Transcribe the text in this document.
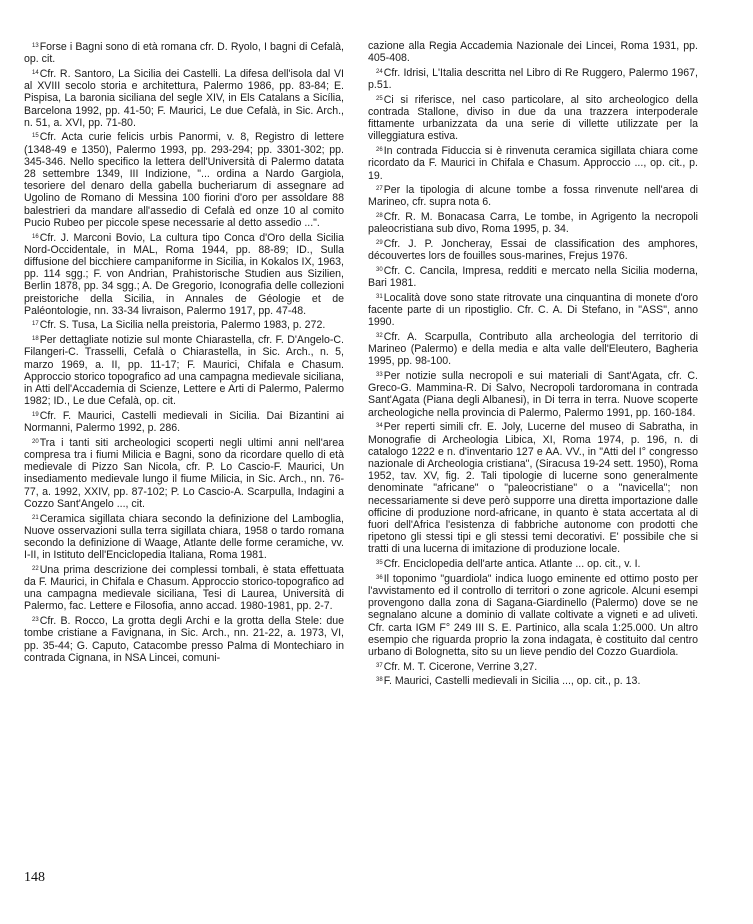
$^{13}$Forse i Bagni sono di età romana cfr. D. Ryolo, I bagni di Cefalà, op. cit.

$^{14}$Cfr. R. Santoro, La Sicilia dei Castelli. La difesa dell'isola dal VI al XVIII secolo storia e architettura, Palermo 1986, pp. 83-84; E. Pispisa, La baronia siciliana del segle XIV, in Els Catalans a Sicília, Barcelona 1992, pp. 41-50; F. Maurici, Le due Cefalà, in Sic. Arch., n. 51, a. XVI, pp. 71-80.

$^{15}$Cfr. Acta curie felicis urbis Panormi, v. 8, Registro di lettere (1348-49 e 1350), Palermo 1993, pp. 293-294; pp. 3301-302; pp. 345-346. Nello specifico la lettera dell'Università di Palermo datata 28 settembre 1349, III Indizione, "... ordina a Nardo Gargiola, tesoriere del denaro della gabella bucheriarum di assegnare ad Ugolino de Romano di Messina 100 fiorini d'oro per assoldare 88 balestrieri da mandare all'assedio di Cefalà ed onze 10 al comito Pucio Rubeo per piccole spese necessarie al detto assedio ...".

$^{16}$Cfr. J. Marconi Bovio, La cultura tipo Conca d'Oro della Sicilia Nord-Occidentale, in MAL, Roma 1944, pp. 88-89; ID., Sulla diffusione del bicchiere campaniforme in Sicilia, in Kokalos IX, 1963, pp. 114 sgg.; F. von Andrian, Prahistorische Studien aus Sizilien, Berlin 1878, pp. 34 sgg.; A. De Gregorio, Iconografia delle collezioni preistoriche della Sicilia, in Annales de Géologie et de Paléontologie, nn. 33-34 livraison, Palermo 1917, pp. 47-48.

$^{17}$Cfr. S. Tusa, La Sicilia nella preistoria, Palermo 1983, p. 272.

$^{18}$Per dettagliate notizie sul monte Chiarastella, cfr. F. D'Angelo-C. Filangeri-C. Trasselli, Cefalà o Chiarastella, in Sic. Arch., n. 5, marzo 1969, a. II, pp. 11-17; F. Maurici, Chifala e Chasum. Approccio storico topografico ad una campagna medievale siciliana, in Atti dell'Accademia di Scienze, Lettere e Arti di Palermo, Palermo 1982; ID., Le due Cefalà, op. cit.

$^{19}$Cfr. F. Maurici, Castelli medievali in Sicilia. Dai Bizantini ai Normanni, Palermo 1992, p. 286.

$^{20}$Tra i tanti siti archeologici scoperti negli ultimi anni nell'area compresa tra i fiumi Milicia e Bagni, sono da ricordare quello di età medievale di Pizzo San Nicola, cfr. P. Lo Cascio-F. Maurici, Un insediamento medievale lungo il fiume Milicia, in Sic. Arch., nn. 76-77, a. 1992, XXIV, pp. 87-102; P. Lo Cascio-A. Scarpulla, Indagini a Cozzo Sant'Angelo ..., cit.

$^{21}$Ceramica sigillata chiara secondo la definizione del Lamboglia, Nuove osservazioni sulla terra sigillata chiara, 1958 o tardo romana secondo la definizione di Waage, Atlante delle forme ceramiche, vv. I-II, in Istituto dell'Enciclopedia Italiana, Roma 1981.

$^{22}$Una prima descrizione dei complessi tombali, è stata effettuata da F. Maurici, in Chifala e Chasum. Approccio storico-topografico ad una campagna medievale siciliana, Tesi di Laurea, Università di Palermo, fac. Lettere e Filosofia, anno accad. 1980-1981, pp. 2-7.

$^{23}$Cfr. B. Rocco, La grotta degli Archi e la grotta della Stele: due tombe cristiane a Favignana, in Sic. Arch., nn. 21-22, a. 1973, VI, pp. 35-44; G. Caputo, Catacombe presso Palma di Montechiaro in contrada Cignana, in NSA Lincei, comuni-

cazione alla Regia Accademia Nazionale dei Lincei, Roma 1931, pp. 405-408.

$^{24}$Cfr. Idrisi, L'Italia descritta nel Libro di Re Ruggero, Palermo 1967, p.51.

$^{25}$Ci si riferisce, nel caso particolare, al sito archeologico della contrada Stallone, diviso in due da una trazzera interpoderale fittamente urbanizzata da una serie di villette utilizzate per la villeggiatura estiva.

$^{26}$In contrada Fiduccia si è rinvenuta ceramica sigillata chiara come ricordato da F. Maurici in Chifala e Chasum. Approccio ..., op. cit., p. 19.

$^{27}$Per la tipologia di alcune tombe a fossa rinvenute nell'area di Marineo, cfr. supra nota 6.

$^{28}$Cfr. R. M. Bonacasa Carra, Le tombe, in Agrigento la necropoli paleocristiana sub divo, Roma 1995, p. 34.

$^{29}$Cfr. J. P. Joncheray, Essai de classification des amphores, découvertes lors de fouilles sous-marines, Frejus 1976.

$^{30}$Cfr. C. Cancila, Impresa, redditi e mercato nella Sicilia moderna, Bari 1981.

$^{31}$Località dove sono state ritrovate una cinquantina di monete d'oro facente parte di un ripostiglio. Cfr. C. A. Di Stefano, in "ASS", anno 1990.

$^{32}$Cfr. A. Scarpulla, Contributo alla archeologia del territorio di Marineo (Palermo) e della media e alta valle dell'Eleutero, Bagheria 1995, pp. 98-100.

$^{33}$Per notizie sulla necropoli e sui materiali di Sant'Agata, cfr. C. Greco-G. Mammina-R. Di Salvo, Necropoli tardoromana in contrada Sant'Agata (Piana degli Albanesi), in Di terra in terra. Nuove scoperte archeologiche nella provincia di Palermo, Palermo 1991, pp. 160-184.

$^{34}$Per reperti simili cfr. E. Joly, Lucerne del museo di Sabratha, in Monografie di Archeologia Libica, XI, Roma 1974, p. 196, n. di catalogo 1222 e n. d'inventario 127 e AA. VV., in "Atti del I° congresso nazionale di Archeologia cristiana", (Siracusa 19-24 sett. 1950), Roma 1952, tav. XV, fig. 2. Tali tipologie di lucerne sono generalmente denominate "africane" o "paleocristiane" o a "navicella"; non necessariamente si deve però supporre una diretta importazione dalle officine di produzione nord-africane, in quanto è stata accertata al di fuori dell'Africa l'esistenza di fabbriche autonome con prodotti che ripetono gli stessi tipi e gli stessi temi decorativi. E' possibile che si tratti di una lucerna di imitazione di produzione locale.

$^{35}$Cfr. Enciclopedia dell'arte antica. Atlante ... op. cit., v. I.

$^{36}$Il toponimo "guardiola" indica luogo eminente ed ottimo posto per l'avvistamento ed il controllo di territori o zone agricole. Alcuni esempi provengono dalla zona di Sagana-Giardinello (Palermo) dove se ne segnalano alcune a dominio di vallate coltivate a vigneti e ad uliveti. Cfr. carta IGM F° 249 III S. E. Partinico, alla scala 1:25.000. Un altro esempio che riguarda proprio la zona indagata, è costituito dal centro urbano di Bolognetta, sito su un lieve pendio del Cozzo Guardiola.

$^{37}$Cfr. M. T. Cicerone, Verrine 3,27.

$^{38}$F. Maurici, Castelli medievali in Sicilia ..., op. cit., p. 13.

148
